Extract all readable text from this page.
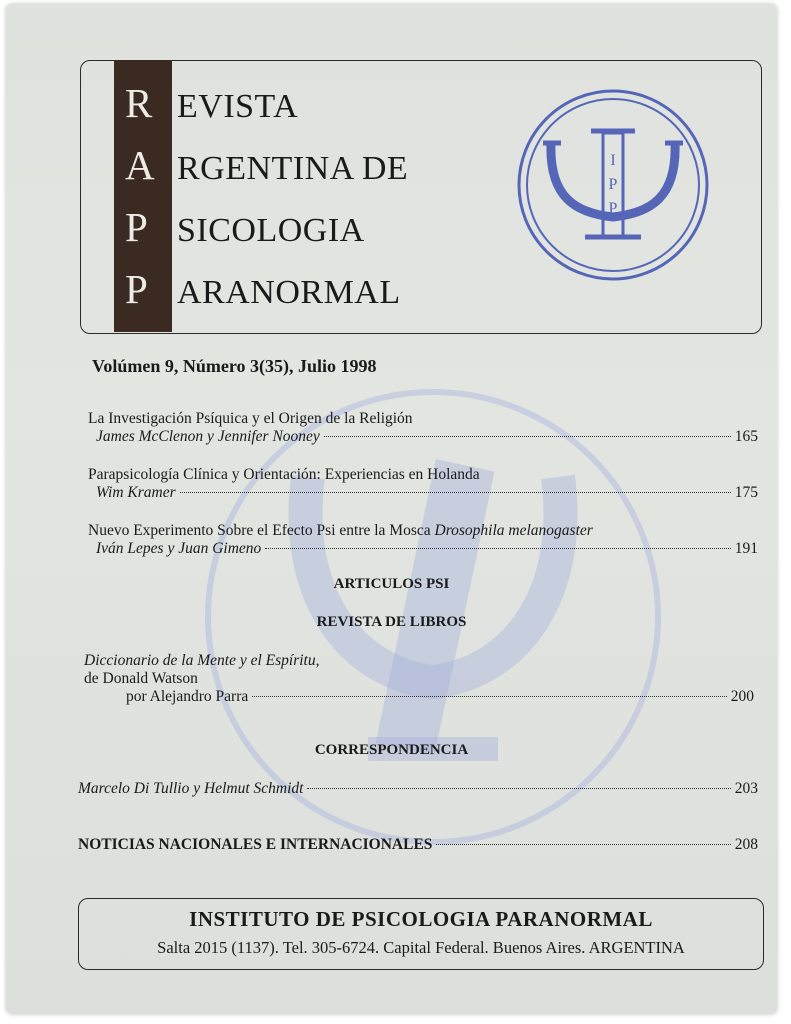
R EVISTA
A RGENTINA DE
P SICOLOGIA
P ARANORMAL
I
P
P
Volúmen 9, Número 3(35), Julio 1998
La Investigación Psíquica y el Origen de la Religión
James McClenon y Jennifer Nooney	165
Parapsicología Clínica y Orientación: Experiencias en Holanda
Wim Kramer	175
Nuevo Experimento Sobre el Efecto Psi entre la Mosca Drosophila melanogaster
Iván Lepes y Juan Gimeno	191
ARTICULOS PSI
REVISTA DE LIBROS
Diccionario de la Mente y el Espíritu,
de Donald Watson
por Alejandro Parra	200
CORRESPONDENCIA
Marcelo Di Tullio y Helmut Schmidt	203
NOTICIAS NACIONALES E INTERNACIONALES	208
INSTITUTO DE PSICOLOGIA PARANORMAL
Salta 2015 (1137). Tel. 305-6724. Capital Federal. Buenos Aires. ARGENTINA
